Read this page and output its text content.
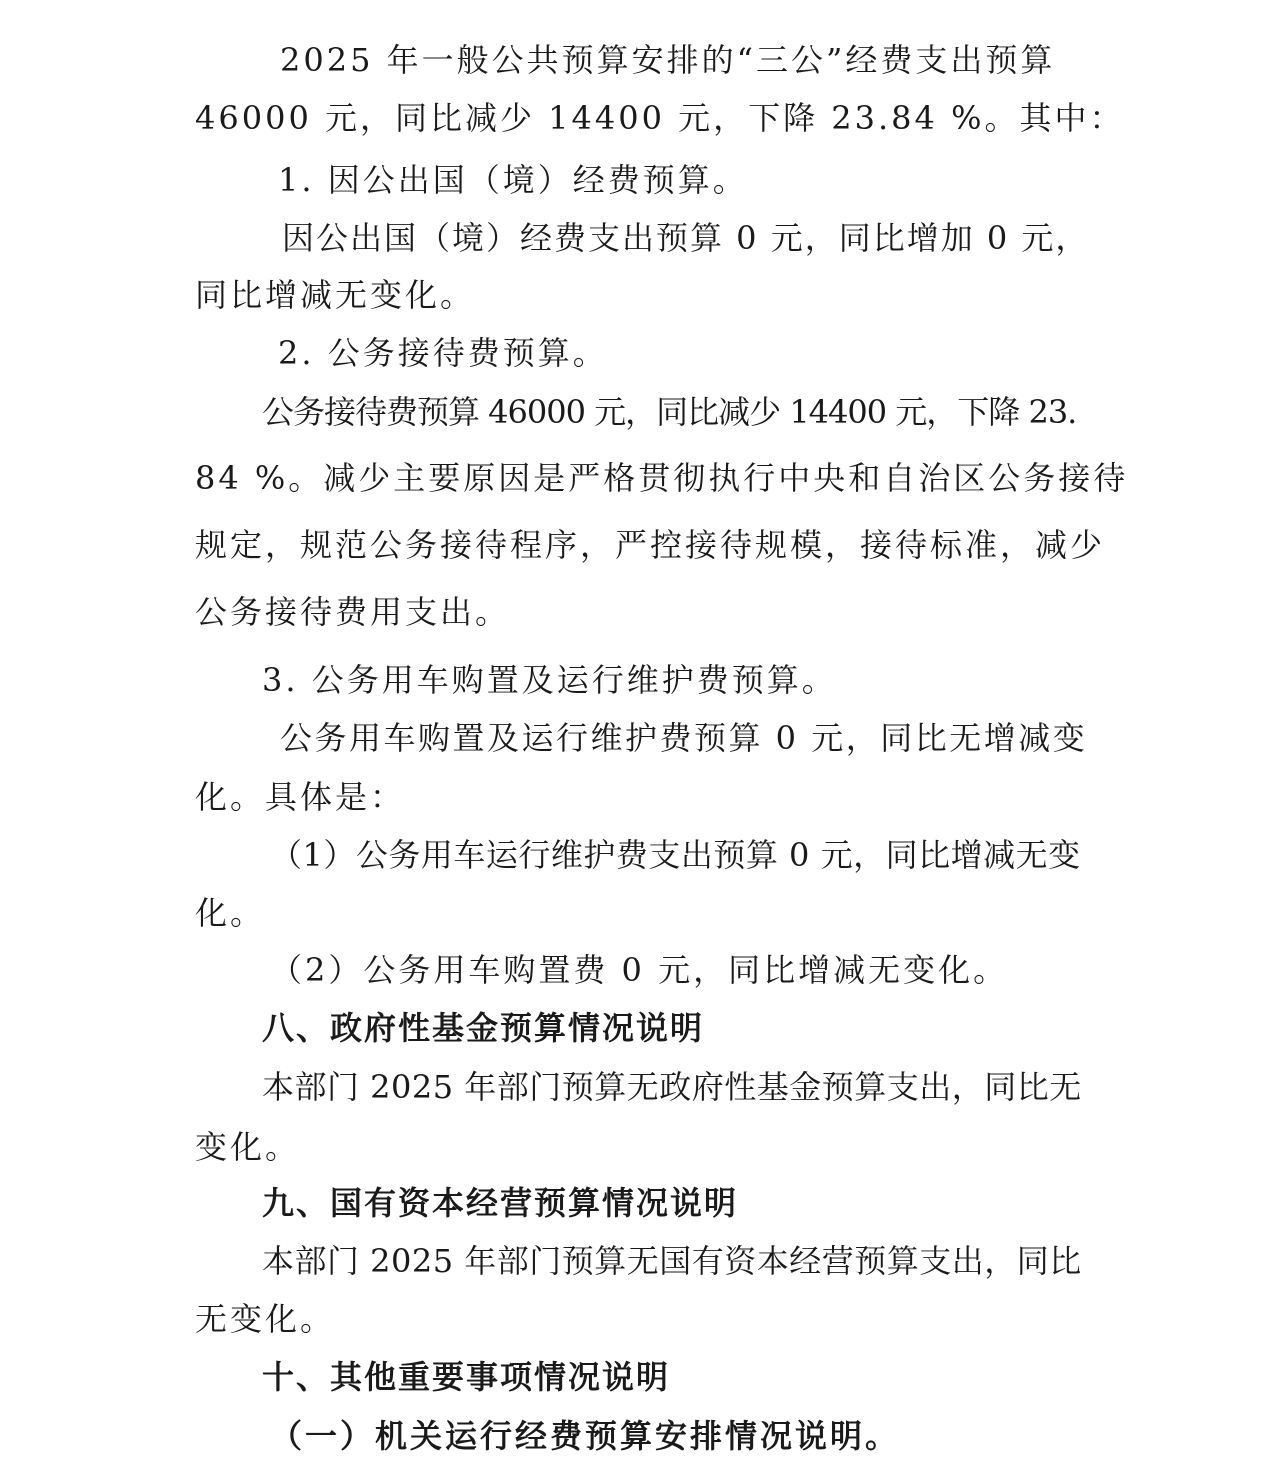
2025 年一般公共预算安排的“三公”经费支出预算
46000 元，同比减少 14400 元，下降 23.84 %。其中：
1. 因公出国（境）经费预算。
因公出国（境）经费支出预算 0 元，同比增加 0 元，
同比增减无变化。
2. 公务接待费预算。
公务接待费预算 46000 元，同比减少 14400 元，下降 23.
84 %。减少主要原因是严格贯彻执行中央和自治区公务接待
规定，规范公务接待程序，严控接待规模，接待标准，减少
公务接待费用支出。
3. 公务用车购置及运行维护费预算。
公务用车购置及运行维护费预算 0 元，同比无增减变
化。具体是：
（1）公务用车运行维护费支出预算 0 元，同比增减无变
化。
（2）公务用车购置费 0 元，同比增减无变化。
八、政府性基金预算情况说明
本部门 2025 年部门预算无政府性基金预算支出，同比无
变化。
九、国有资本经营预算情况说明
本部门 2025 年部门预算无国有资本经营预算支出，同比
无变化。
十、其他重要事项情况说明
（一）机关运行经费预算安排情况说明。
